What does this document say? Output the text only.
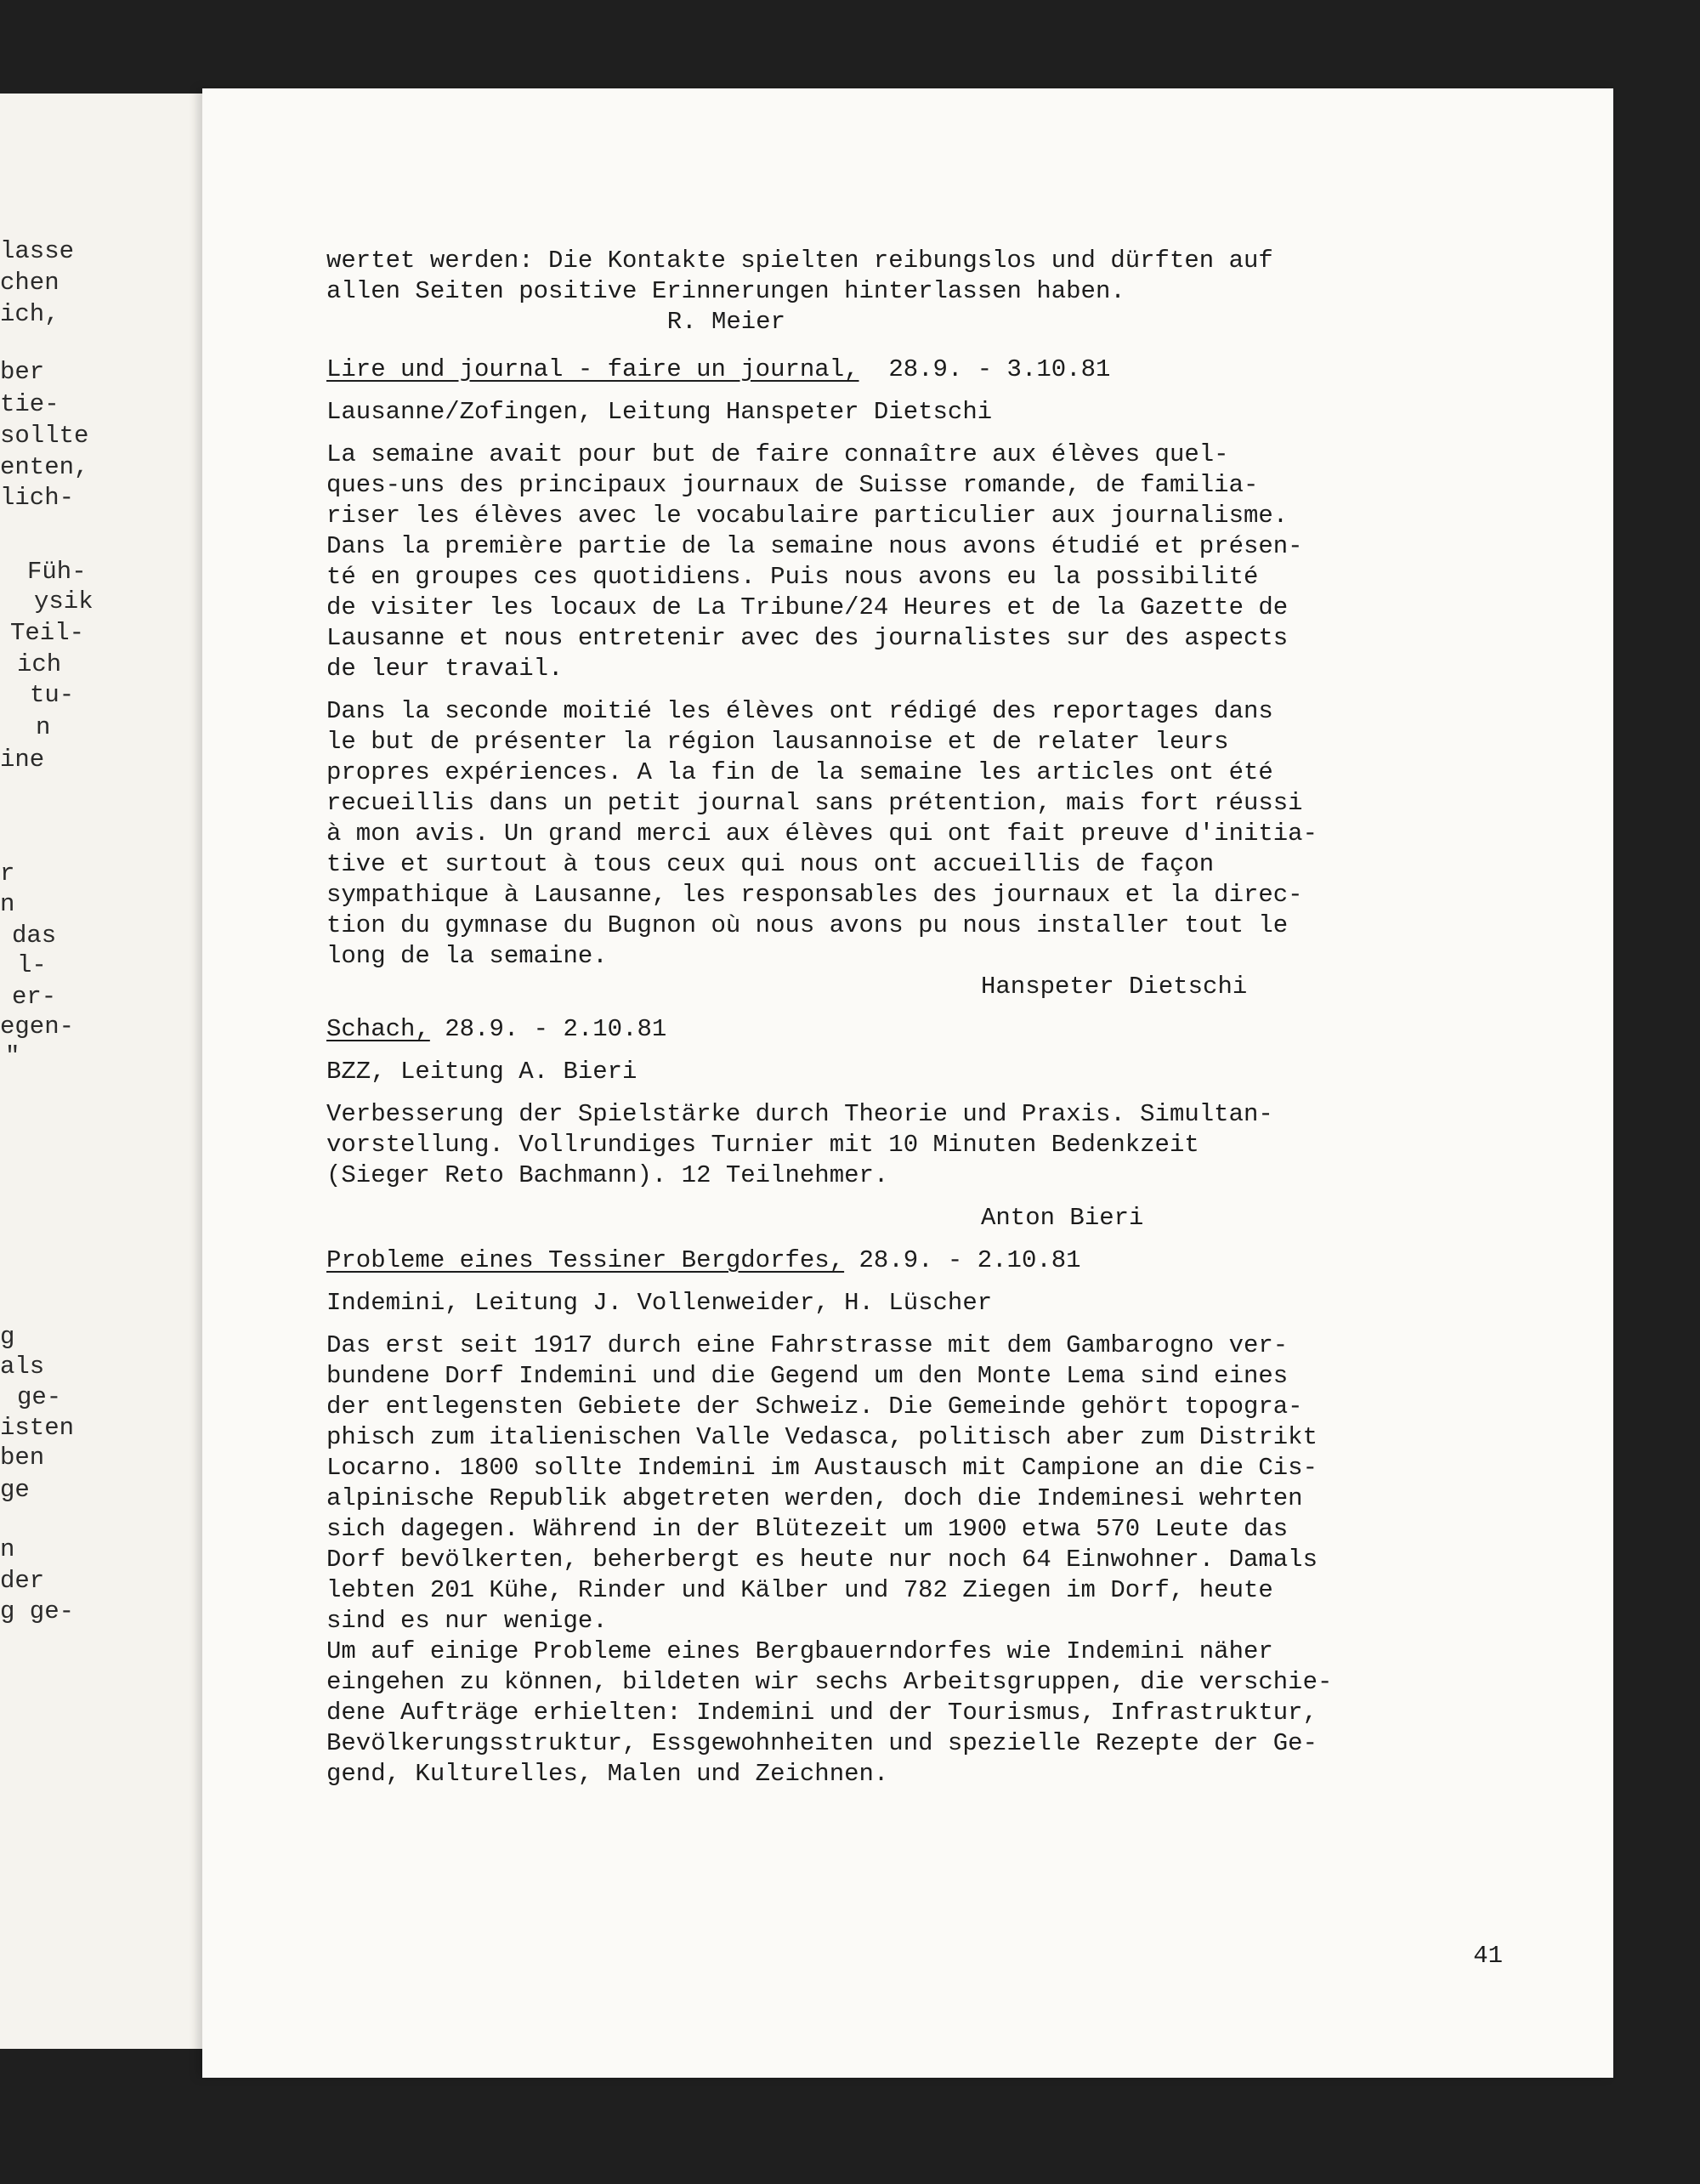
lasse
chen
ich,
ber
tie-
sollte
enten,
lich-
Füh-
ysik
Teil-
ich
tu-
n
ine
r
n
das
l-
er-
egen-
"
g
als
ge-
isten
ben
ge
n
der
g ge-

wertet werden: Die Kontakte spielten reibungslos und dürften auf

allen Seiten positive Erinnerungen hinterlassen haben.

R. Meier

Lire und journal - faire un journal, 28.9. - 3.10.81

Lausanne/Zofingen, Leitung Hanspeter Dietschi

La semaine avait pour but de faire connaître aux élèves quel-

ques-uns des principaux journaux de Suisse romande, de familia-

riser les élèves avec le vocabulaire particulier aux journalisme.

Dans la première partie de la semaine nous avons étudié et présen-

té en groupes ces quotidiens. Puis nous avons eu la possibilité

de visiter les locaux de La Tribune/24 Heures et de la Gazette de

Lausanne et nous entretenir avec des journalistes sur des aspects

de leur travail.

Dans la seconde moitié les élèves ont rédigé des reportages dans

le but de présenter la région lausannoise et de relater leurs

propres expériences. A la fin de la semaine les articles ont été

recueillis dans un petit journal sans prétention, mais fort réussi

à mon avis. Un grand merci aux élèves qui ont fait preuve d'initia-

tive et surtout à tous ceux qui nous ont accueillis de façon

sympathique à Lausanne, les responsables des journaux et la direc-

tion du gymnase du Bugnon où nous avons pu nous installer tout le

long de la semaine.

Hanspeter Dietschi

Schach, 28.9. - 2.10.81

BZZ, Leitung A. Bieri

Verbesserung der Spielstärke durch Theorie und Praxis. Simultan-

vorstellung. Vollrundiges Turnier mit 10 Minuten Bedenkzeit

(Sieger Reto Bachmann). 12 Teilnehmer.

Anton Bieri

Probleme eines Tessiner Bergdorfes, 28.9. - 2.10.81

Indemini, Leitung J. Vollenweider, H. Lüscher

Das erst seit 1917 durch eine Fahrstrasse mit dem Gambarogno ver-

bundene Dorf Indemini und die Gegend um den Monte Lema sind eines

der entlegensten Gebiete der Schweiz. Die Gemeinde gehört topogra-

phisch zum italienischen Valle Vedasca, politisch aber zum Distrikt

Locarno. 1800 sollte Indemini im Austausch mit Campione an die Cis-

alpinische Republik abgetreten werden, doch die Indeminesi wehrten

sich dagegen. Während in der Blütezeit um 1900 etwa 570 Leute das

Dorf bevölkerten, beherbergt es heute nur noch 64 Einwohner. Damals

lebten 201 Kühe, Rinder und Kälber und 782 Ziegen im Dorf, heute

sind es nur wenige.

Um auf einige Probleme eines Bergbauerndorfes wie Indemini näher

eingehen zu können, bildeten wir sechs Arbeitsgruppen, die verschie-

dene Aufträge erhielten: Indemini und der Tourismus, Infrastruktur,

Bevölkerungsstruktur, Essgewohnheiten und spezielle Rezepte der Ge-

gend, Kulturelles, Malen und Zeichnen.

41
